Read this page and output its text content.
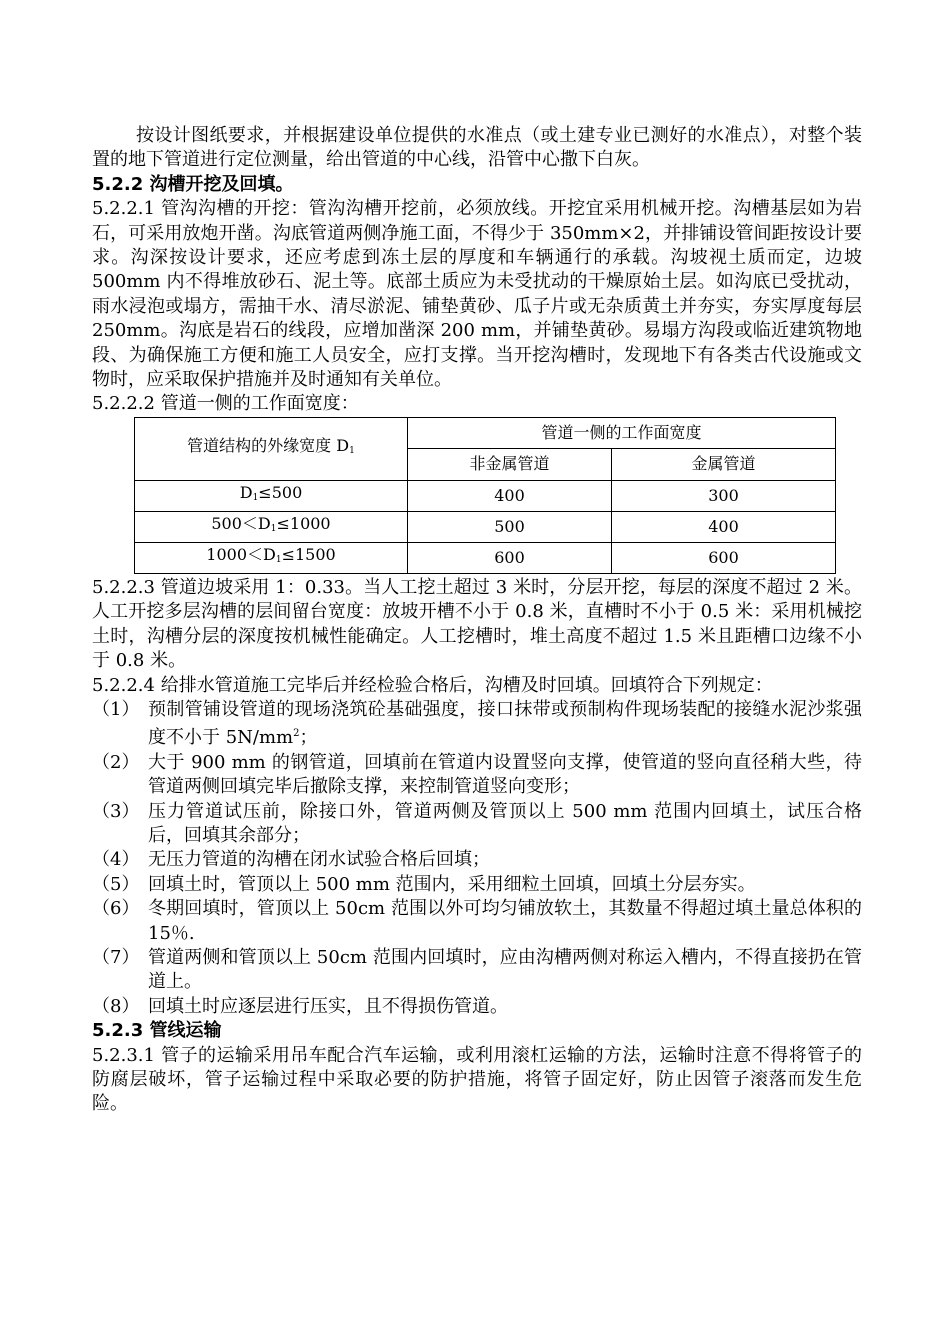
按设计图纸要求，并根据建设单位提供的水准点（或土建专业已测好的水准点），对整个装置的地下管道进行定位测量，给出管道的中心线，沿管中心撒下白灰。

5.2.2 沟槽开挖及回填。

5.2.2.1 管沟沟槽的开挖：管沟沟槽开挖前，必须放线。开挖宜采用机械开挖。沟槽基层如为岩石，可采用放炮开凿。沟底管道两侧净施工面，不得少于 350mm×2，并排铺设管间距按设计要求。沟深按设计要求，还应考虑到冻土层的厚度和车辆通行的承载。沟坡视土质而定，边坡 500mm 内不得堆放砂石、泥土等。底部土质应为未受扰动的干燥原始土层。如沟底已受扰动，雨水浸泡或塌方，需抽干水、清尽淤泥、铺垫黄砂、瓜子片或无杂质黄土并夯实，夯实厚度每层 250mm。沟底是岩石的线段，应增加凿深 200 mm，并铺垫黄砂。易塌方沟段或临近建筑物地段、为确保施工方便和施工人员安全，应打支撑。当开挖沟槽时，发现地下有各类古代设施或文物时，应采取保护措施并及时通知有关单位。

5.2.2.2 管道一侧的工作面宽度：

管道结构的外缘宽度 $D_1$	管道一侧的工作面宽度	
	非金属管道	金属管道
$D_1\le 500$	400	300
$500<D_1\le 1000$	500	400
$1000<D_1\le 1500$	600	600

5.2.2.3 管道边坡采用 1：0.33。当人工挖土超过 3 米时，分层开挖，每层的深度不超过 2 米。人工开挖多层沟槽的层间留台宽度：放坡开槽不小于 0.8 米，直槽时不小于 0.5 米：采用机械挖土时，沟槽分层的深度按机械性能确定。人工挖槽时，堆土高度不超过 1.5 米且距槽口边缘不小于 0.8 米。

5.2.2.4 给排水管道施工完毕后并经检验合格后，沟槽及时回填。回填符合下列规定：

（1） 预制管铺设管道的现场浇筑砼基础强度，接口抹带或预制构件现场装配的接缝水泥沙浆强度不小于 $5N/mm^2$；
（2） 大于 900 mm 的钢管道，回填前在管道内设置竖向支撑，使管道的竖向直径稍大些，待管道两侧回填完毕后撤除支撑，来控制管道竖向变形；
（3） 压力管道试压前，除接口外，管道两侧及管顶以上 500 mm 范围内回填土，试压合格后，回填其余部分；
（4） 无压力管道的沟槽在闭水试验合格后回填；
（5） 回填土时，管顶以上 500 mm 范围内，采用细粒土回填，回填土分层夯实。
（6） 冬期回填时，管顶以上 50cm 范围以外可均匀铺放软土，其数量不得超过填土量总体积的 15％.
（7） 管道两侧和管顶以上 50cm 范围内回填时，应由沟槽两侧对称运入槽内，不得直接扔在管道上。
（8） 回填土时应逐层进行压实，且不得损伤管道。
5.2.3 管线运输

5.2.3.1 管子的运输采用吊车配合汽车运输，或利用滚杠运输的方法，运输时注意不得将管子的防腐层破坏，管子运输过程中采取必要的防护措施，将管子固定好，防止因管子滚落而发生危险。
